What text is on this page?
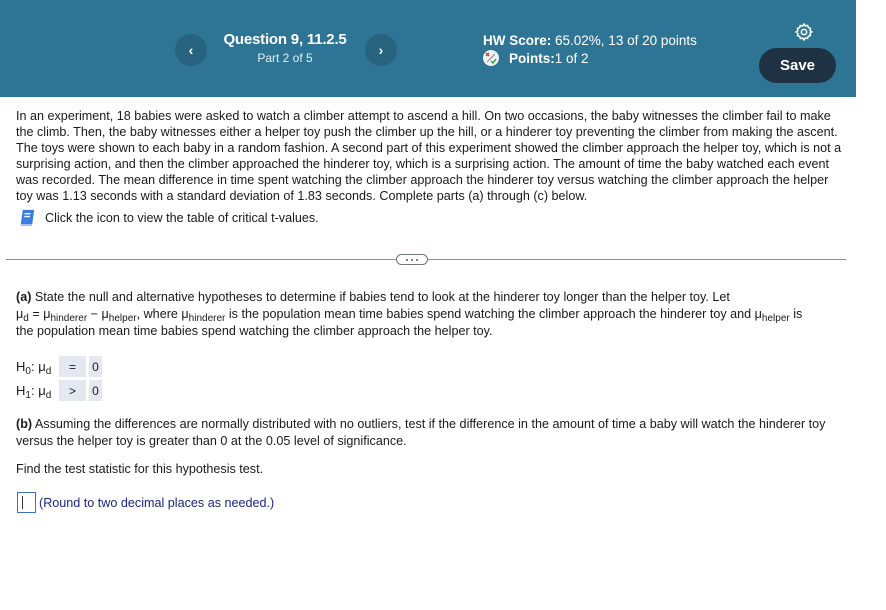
‹
Question 9, 11.2.5
Part 2 of 5	›
HW Score: 65.02%, 13 of 20 points
Points: 1 of 2	Save
In an experiment, 18 babies were asked to watch a climber attempt to ascend a hill. On two occasions, the baby witnesses the climber fail to make the climb. Then, the baby witnesses either a helper toy push the climber up the hill, or a hinderer toy preventing the climber from making the ascent. The toys were shown to each baby in a random fashion. A second part of this experiment showed the climber approach the helper toy, which is not a surprising action, and then the climber approached the hinderer toy, which is a surprising action. The amount of time the baby watched each event was recorded. The mean difference in time spent watching the climber approach the hinderer toy versus watching the climber approach the helper toy was 1.13 seconds with a standard deviation of 1.83 seconds. Complete parts (a) through (c) below.
Click the icon to view the table of critical t-values.
(a) State the null and alternative hypotheses to determine if babies tend to look at the hinderer toy longer than the helper toy. Let
$\mu_d = \mu_{hinderer} - \mu_{helper}$, where $\mu_{hinderer}$ is the population mean time babies spend watching the climber approach the hinderer toy and $\mu_{helper}$ is
the population mean time babies spend watching the climber approach the helper toy.
$H_0$: $\mu_d$	=	0
$H_1$: $\mu_d$	>	0
(b) Assuming the differences are normally distributed with no outliers, test if the difference in the amount of time a baby will watch the hinderer toy versus the helper toy is greater than 0 at the 0.05 level of significance.
Find the test statistic for this hypothesis test.
(Round to two decimal places as needed.)
